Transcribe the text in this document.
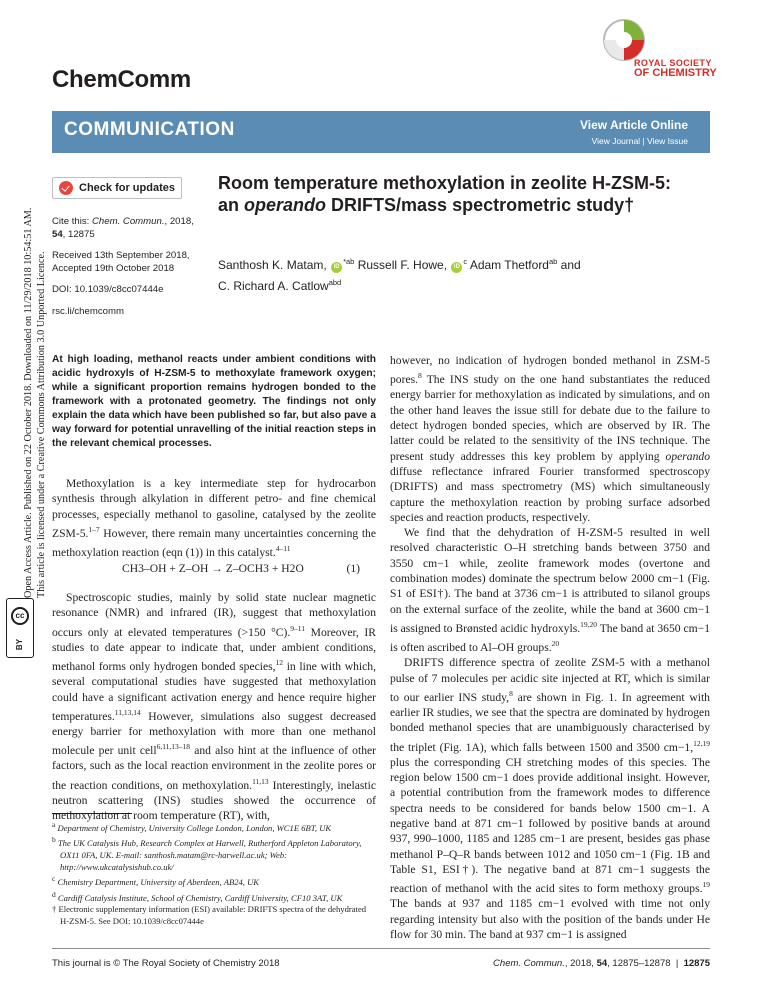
Open Access Article. Published on 22 October 2018. Downloaded on 11/29/2018 10:54:51 AM. This article is licensed under a Creative Commons Attribution 3.0 Unported Licence.
cc
BY
ROYAL SOCIETY
OF CHEMISTRY
ChemComm
COMMUNICATION	View Article Online
View Journal | View Issue
Check for updates
Cite this: Chem. Commun., 2018,
54, 12875
Received 13th September 2018,
Accepted 19th October 2018
DOI: 10.1039/c8cc07444e
rsc.li/chemcomm
Room temperature methoxylation in zeolite H-ZSM-5: an operando DRIFTS/mass spectrometric study†
Santhosh K. Matam, $iD^{*ab}$ Russell F. Howe, $iD^c$ Adam Thetford$^{ab}$ and
C. Richard A. Catlow$^{abd}$
At high loading, methanol reacts under ambient conditions with acidic hydroxyls of H-ZSM-5 to methoxylate framework oxygen; while a significant proportion remains hydrogen bonded to the framework with a protonated geometry. The findings not only explain the data which have been published so far, but also pave a way forward for potential unravelling of the initial reaction steps in the relevant chemical processes.

Methoxylation is a key intermediate step for hydrocarbon synthesis through alkylation in different petro- and fine chemical processes, especially methanol to gasoline, catalysed by the zeolite ZSM-5.$^{1-7}$ However, there remain many uncertainties concerning the methoxylation reaction (eqn (1)) in this catalyst.$^{4-11}$

CH3–OH + Z–OH → Z–OCH3 + H2O	(1)

Spectroscopic studies, mainly by solid state nuclear magnetic resonance (NMR) and infrared (IR), suggest that methoxylation occurs only at elevated temperatures (>150 °C).$^{9-11}$ Moreover, IR studies to date appear to indicate that, under ambient conditions, methanol forms only hydrogen bonded species,$^{12}$ in line with which, several computational studies have suggested that methoxylation could have a significant activation energy and hence require higher temperatures.$^{11,13,14}$ However, simulations also suggest decreased energy barrier for methoxylation with more than one methanol molecule per unit cell$^{6,11,13-18}$ and also hint at the influence of other factors, such as the local reaction environment in the zeolite pores or the reaction conditions, on methoxylation.$^{11,13}$ Interestingly, inelastic neutron scattering (INS) studies showed the occurrence of methoxylation at room temperature (RT), with,

$^a$ Department of Chemistry, University College London, London, WC1E 6BT, UK
$^b$ The UK Catalysis Hub, Research Complex at Harwell, Rutherford Appleton Laboratory, OX11 0FA, UK. E-mail: santhosh.matam@rc-harwell.ac.uk; Web: http://www.ukcatalysishub.co.uk/
$^c$ Chemistry Department, University of Aberdeen, AB24, UK
$^d$ Cardiff Catalysis Institute, School of Chemistry, Cardiff University, CF10 3AT, UK
† Electronic supplementary information (ESI) available: DRIFTS spectra of the dehydrated H-ZSM-5. See DOI: 10.1039/c8cc07444e

however, no indication of hydrogen bonded methanol in ZSM-5 pores.$^8$ The INS study on the one hand substantiates the reduced energy barrier for methoxylation as indicated by simulations, and on the other hand leaves the issue still for debate due to the failure to detect hydrogen bonded species, which are observed by IR. The latter could be related to the sensitivity of the INS technique. The present study addresses this key problem by applying operando diffuse reflectance infrared Fourier transformed spectroscopy (DRIFTS) and mass spectrometry (MS) which simultaneously capture the methoxylation reaction by probing surface adsorbed species and reaction products, respectively.

We find that the dehydration of H-ZSM-5 resulted in well resolved characteristic O–H stretching bands between 3750 and 3550 cm−1 while, zeolite framework modes (overtone and combination modes) dominate the spectrum below 2000 cm−1 (Fig. S1 of ESI†). The band at 3736 cm−1 is attributed to silanol groups on the external surface of the zeolite, while the band at 3600 cm−1 is assigned to Brønsted acidic hydroxyls.$^{19,20}$ The band at 3650 cm−1 is often ascribed to Al–OH groups.$^{20}$

DRIFTS difference spectra of zeolite ZSM-5 with a methanol pulse of 7 molecules per acidic site injected at RT, which is similar to our earlier INS study,$^8$ are shown in Fig. 1. In agreement with earlier IR studies, we see that the spectra are dominated by hydrogen bonded methanol species that are unambiguously characterised by the triplet (Fig. 1A), which falls between 1500 and 3500 cm−1,$^{12,19}$ plus the corresponding CH stretching modes of this species. The region below 1500 cm−1 does provide additional insight. However, a potential contribution from the framework modes to difference spectra needs to be considered for bands below 1500 cm−1. A negative band at 871 cm−1 followed by positive bands at around 937, 990–1000, 1185 and 1285 cm−1 are present, besides gas phase methanol P–Q–R bands between 1012 and 1050 cm−1 (Fig. 1B and Table S1, ESI†). The negative band at 871 cm−1 suggests the reaction of methanol with the acid sites to form methoxy groups.$^{19}$ The bands at 937 and 1185 cm−1 evolved with time not only regarding intensity but also with the position of the bands under He flow for 30 min. The band at 937 cm−1 is assigned

This journal is © The Royal Society of Chemistry 2018	Chem. Commun., 2018, 54, 12875–12878 | 12875
